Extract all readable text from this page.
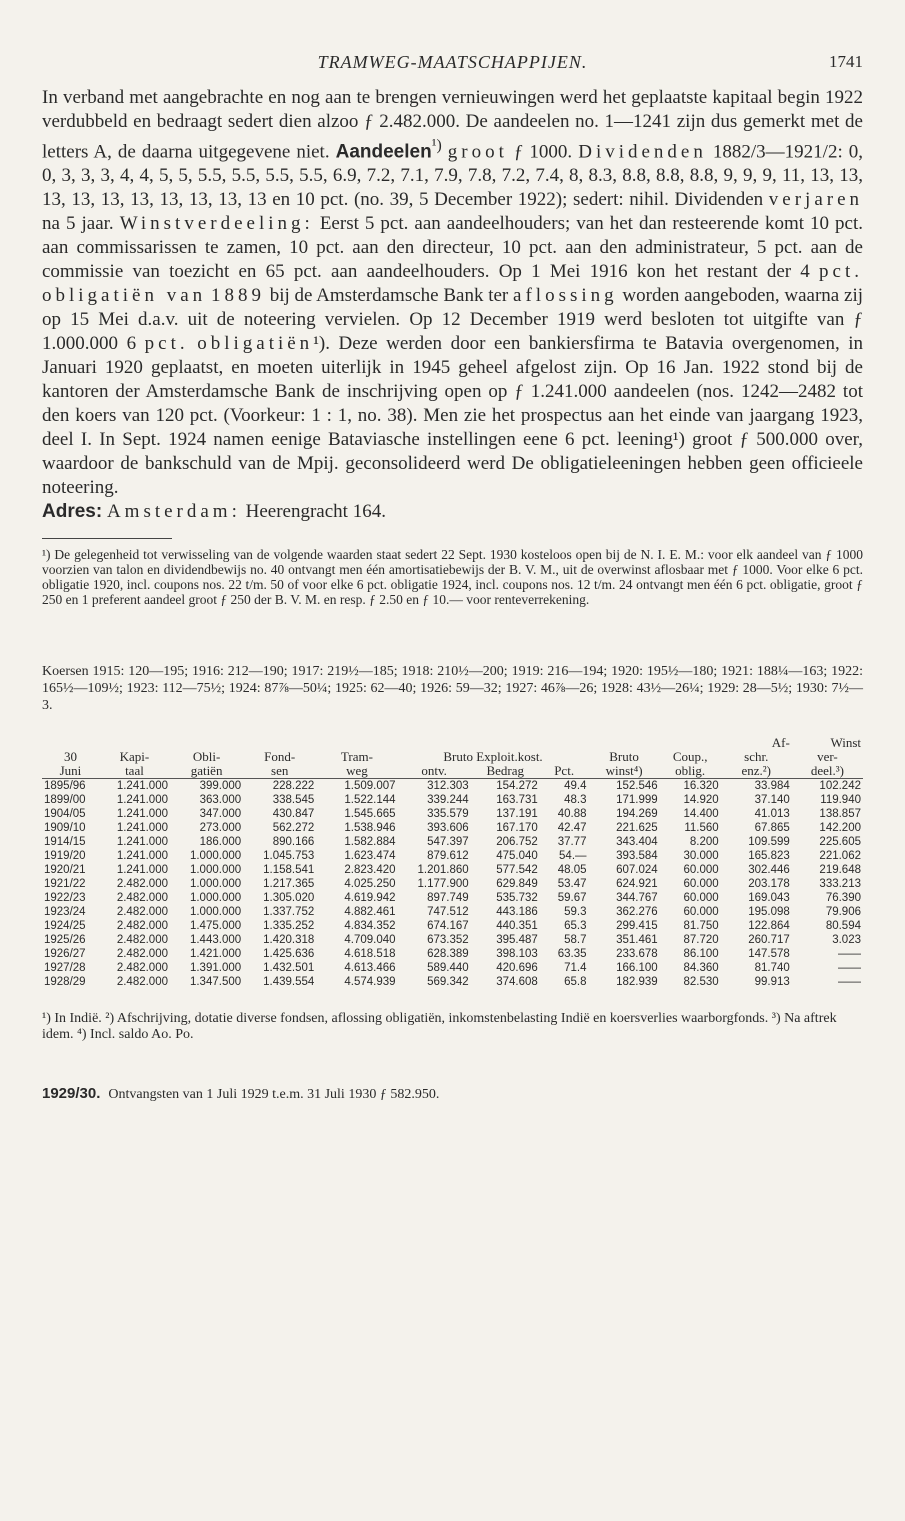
TRAMWEG-MAATSCHAPPIJEN.	1741

In verband met aangebrachte en nog aan te brengen vernieuwingen werd het geplaatste kapitaal begin 1922 verdubbeld en bedraagt sedert dien alzoo ƒ 2.482.000. De aandeelen no. 1—1241 zijn dus gemerkt met de letters A, de daarna uitgegevene niet. Aandeelen$^{^1)}$ groot ƒ 1000. Dividenden 1882/3—1921/2: 0, 0, 3, 3, 3, 4, 4, 5, 5, 5.5, 5.5, 5.5, 5.5, 6.9, 7.2, 7.1, 7.9, 7.8, 7.2, 7.4, 8, 8.3, 8.8, 8.8, 8.8, 9, 9, 9, 11, 13, 13, 13, 13, 13, 13, 13, 13, 13, 13 en 10 pct. (no. 39, 5 December 1922); sedert: nihil. Dividenden verjaren na 5 jaar. Winstverdeeling: Eerst 5 pct. aan aandeelhouders; van het dan resteerende komt 10 pct. aan commissarissen te zamen, 10 pct. aan den directeur, 10 pct. aan den administrateur, 5 pct. aan de commissie van toezicht en 65 pct. aan aandeelhouders. Op 1 Mei 1916 kon het restant der 4 pct. obligatiën van 1889 bij de Amsterdamsche Bank ter aflossing worden aangeboden, waarna zij op 15 Mei d.a.v. uit de noteering vervielen. Op 12 December 1919 werd besloten tot uitgifte van ƒ 1.000.000 6 pct. obligatiën¹). Deze werden door een bankiersfirma te Batavia overgenomen, in Januari 1920 geplaatst, en moeten uiterlijk in 1945 geheel afgelost zijn. Op 16 Jan. 1922 stond bij de kantoren der Amsterdamsche Bank de inschrijving open op ƒ 1.241.000 aandeelen (nos. 1242—2482 tot den koers van 120 pct. (Voorkeur: 1 : 1, no. 38). Men zie het prospectus aan het einde van jaargang 1923, deel I. In Sept. 1924 namen eenige Bataviasche instellingen eene 6 pct. leening¹) groot ƒ 500.000 over, waardoor de bankschuld van de Mpij. geconsolideerd werd De obligatieleeningen hebben geen officieele noteering.
Adres: Amsterdam: Heerengracht 164.

¹) De gelegenheid tot verwisseling van de volgende waarden staat sedert 22 Sept. 1930 kosteloos open bij de N. I. E. M.: voor elk aandeel van ƒ 1000 voorzien van talon en dividendbewijs no. 40 ontvangt men één amortisatiebewijs der B. V. M., uit de overwinst aflosbaar met ƒ 1000. Voor elke 6 pct. obligatie 1920, incl. coupons nos. 22 t/m. 50 of voor elke 6 pct. obligatie 1924, incl. coupons nos. 12 t/m. 24 ontvangt men één 6 pct. obligatie, groot ƒ 250 en 1 preferent aandeel groot ƒ 250 der B. V. M. en resp. ƒ 2.50 en ƒ 10.— voor renteverrekening.

Koersen 1915: 120—195; 1916: 212—190; 1917: 219½—185; 1918: 210½—200; 1919: 216—194; 1920: 195½—180; 1921: 188¼—163; 1922: 165½—109½; 1923: 112—75½; 1924: 87⅞—50¼; 1925: 62—40; 1926: 59—32; 1927: 46⅞—26; 1928: 43½—26¼; 1929: 28—5½; 1930: 7½—3.

										Af-	Winst
30	Kapi-	Obli-	Fond-	Tram-	Bruto Exploit.kost.			Bruto	Coup.,	schr.	ver-
Juni	taal	gatiën	sen	weg	ontv.	Bedrag	Pct.	winst⁴)	oblig.	enz.²)	deel.³)
1895/96	1.241.000	399.000	228.222	1.509.007	312.303	154.272	49.4	152.546	16.320	33.984	102.242
1899/00	1.241.000	363.000	338.545	1.522.144	339.244	163.731	48.3	171.999	14.920	37.140	119.940
1904/05	1.241.000	347.000	430.847	1.545.665	335.579	137.191	40.88	194.269	14.400	41.013	138.857
1909/10	1.241.000	273.000	562.272	1.538.946	393.606	167.170	42.47	221.625	11.560	67.865	142.200
1914/15	1.241.000	186.000	890.166	1.582.884	547.397	206.752	37.77	343.404	8.200	109.599	225.605
1919/20	1.241.000	1.000.000	1.045.753	1.623.474	879.612	475.040	54.—	393.584	30.000	165.823	221.062
1920/21	1.241.000	1.000.000	1.158.541	2.823.420	1.201.860	577.542	48.05	607.024	60.000	302.446	219.648
1921/22	2.482.000	1.000.000	1.217.365	4.025.250	1.177.900	629.849	53.47	624.921	60.000	203.178	333.213
1922/23	2.482.000	1.000.000	1.305.020	4.619.942	897.749	535.732	59.67	344.767	60.000	169.043	76.390
1923/24	2.482.000	1.000.000	1.337.752	4.882.461	747.512	443.186	59.3	362.276	60.000	195.098	79.906
1924/25	2.482.000	1.475.000	1.335.252	4.834.352	674.167	440.351	65.3	299.415	81.750	122.864	80.594
1925/26	2.482.000	1.443.000	1.420.318	4.709.040	673.352	395.487	58.7	351.461	87.720	260.717	3.023
1926/27	2.482.000	1.421.000	1.425.636	4.618.518	628.389	398.103	63.35	233.678	86.100	147.578	——
1927/28	2.482.000	1.391.000	1.432.501	4.613.466	589.440	420.696	71.4	166.100	84.360	81.740	——
1928/29	2.482.000	1.347.500	1.439.554	4.574.939	569.342	374.608	65.8	182.939	82.530	99.913	——

¹) In Indië. ²) Afschrijving, dotatie diverse fondsen, aflossing obligatiën, inkomstenbelasting Indië en koersverlies waarborgfonds. ³) Na aftrek idem. ⁴) Incl. saldo Ao. Po.

1929/30. Ontvangsten van 1 Juli 1929 t.e.m. 31 Juli 1930 ƒ 582.950.
